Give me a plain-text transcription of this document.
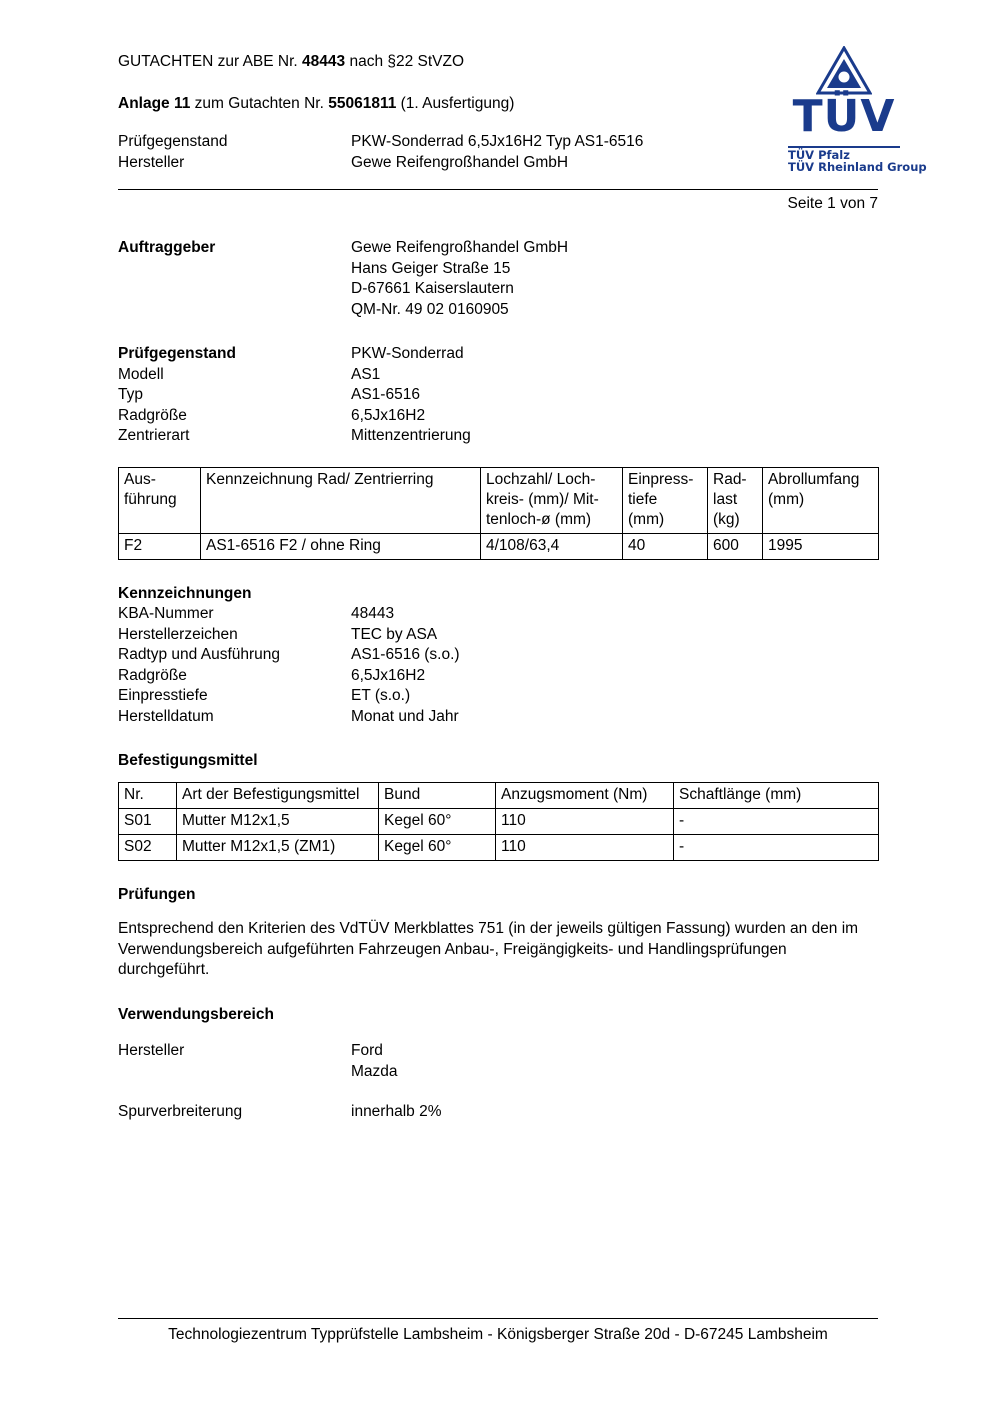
TÜV
TÜV Pfalz
TÜV Rheinland Group
GUTACHTEN zur ABE Nr. 48443 nach §22 StVZO
Anlage 11 zum Gutachten Nr. 55061811 (1. Ausfertigung)
Prüfgegenstand	PKW-Sonderrad 6,5Jx16H2 Typ AS1-6516
Hersteller	Gewe Reifengroßhandel GmbH
Seite 1 von 7
Auftraggeber	Gewe Reifengroßhandel GmbH
Hans Geiger Straße 15
D-67661 Kaiserslautern
QM-Nr. 49 02 0160905
Prüfgegenstand	PKW-Sonderrad
Modell	AS1
Typ	AS1-6516
Radgröße	6,5Jx16H2
Zentrierart	Mittenzentrierung
Aus-
führung	Kennzeichnung Rad/ Zentrierring	Lochzahl/ Loch-
kreis- (mm)/ Mit-
tenloch-ø (mm)	Einpress-
tiefe
(mm)	Rad-
last
(kg)	Abrollumfang
(mm)
F2	AS1-6516 F2 / ohne Ring	4/108/63,4	40	600	1995
Kennzeichnungen
KBA-Nummer	48443
Herstellerzeichen	TEC by ASA
Radtyp und Ausführung	AS1-6516 (s.o.)
Radgröße	6,5Jx16H2
Einpresstiefe	ET (s.o.)
Herstelldatum	Monat und Jahr
Befestigungsmittel
Nr.	Art der Befestigungsmittel	Bund	Anzugsmoment (Nm)	Schaftlänge (mm)
S01	Mutter M12x1,5	Kegel 60°	110	-
S02	Mutter M12x1,5 (ZM1)	Kegel 60°	110	-
Prüfungen
Entsprechend den Kriterien des VdTÜV Merkblattes 751 (in der jeweils gültigen Fassung) wurden an den im Verwendungsbereich aufgeführten Fahrzeugen Anbau-, Freigängigkeits- und Handlingsprüfungen durchgeführt.
Verwendungsbereich
Hersteller	Ford
Mazda
Spurverbreiterung	innerhalb 2%
Technologiezentrum Typprüfstelle Lambsheim - Königsberger Straße 20d - D-67245 Lambsheim
